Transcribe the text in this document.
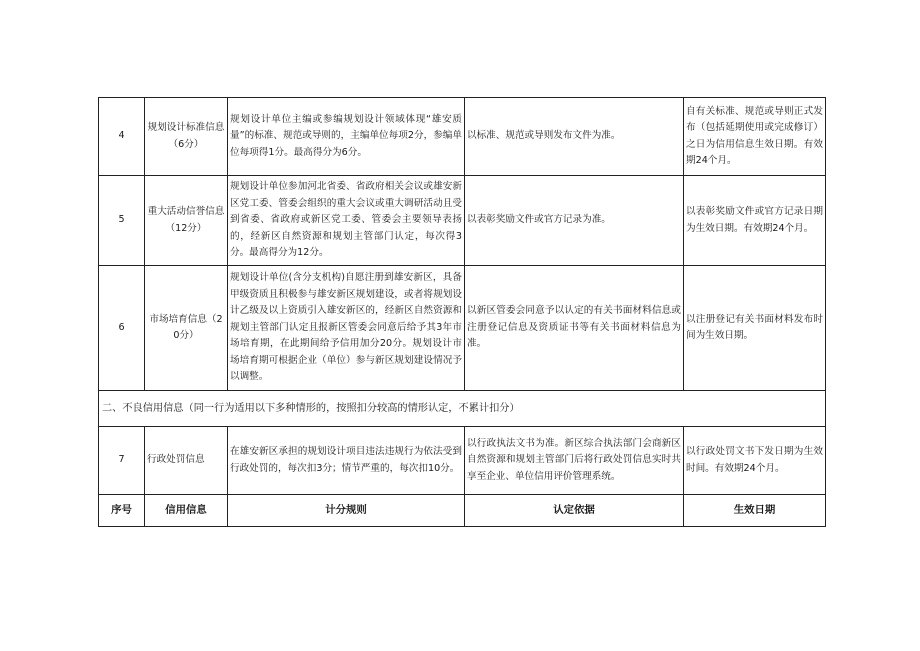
4	规划设计标准信息（6分）	规划设计单位主编或参编规划设计领域体现“雄安质量”的标准、规范或导则的，主编单位每项2分，参编单位每项得1分。最高得分为6分。	以标准、规范或导则发布文件为准。	自有关标准、规范或导则正式发布（包括延期使用或完成修订）之日为信用信息生效日期。有效期24个月。
5	重大活动信誉信息（12分）	规划设计单位参加河北省委、省政府相关会议或雄安新区党工委、管委会组织的重大会议或重大调研活动且受到省委、省政府或新区党工委、管委会主要领导表扬的，经新区自然资源和规划主管部门认定，每次得3分。最高得分为12分。	以表彰奖励文件或官方记录为准。	以表彰奖励文件或官方记录日期为生效日期。有效期24个月。
6	市场培育信息（20分）	规划设计单位(含分支机构)自愿注册到雄安新区，具备甲级资质且积极参与雄安新区规划建设，或者将规划设计乙级及以上资质引入雄安新区的，经新区自然资源和规划主管部门认定且报新区管委会同意后给予其3年市场培育期，在此期间给予信用加分20分。规划设计市场培育期可根据企业（单位）参与新区规划建设情况予以调整。	以新区管委会同意予以认定的有关书面材料信息或注册登记信息及资质证书等有关书面材料信息为准。	以注册登记有关书面材料发布时间为生效日期。
二、不良信用信息（同一行为适用以下多种情形的，按照扣分较高的情形认定，不累计扣分）				
7	行政处罚信息	在雄安新区承担的规划设计项目违法违规行为依法受到行政处罚的，每次扣3分；情节严重的，每次扣10分。	以行政执法文书为准。新区综合执法部门会商新区自然资源和规划主管部门后将行政处罚信息实时共享至企业、单位信用评价管理系统。	以行政处罚文书下发日期为生效时间。有效期24个月。
序号	信用信息	计分规则	认定依据	生效日期
